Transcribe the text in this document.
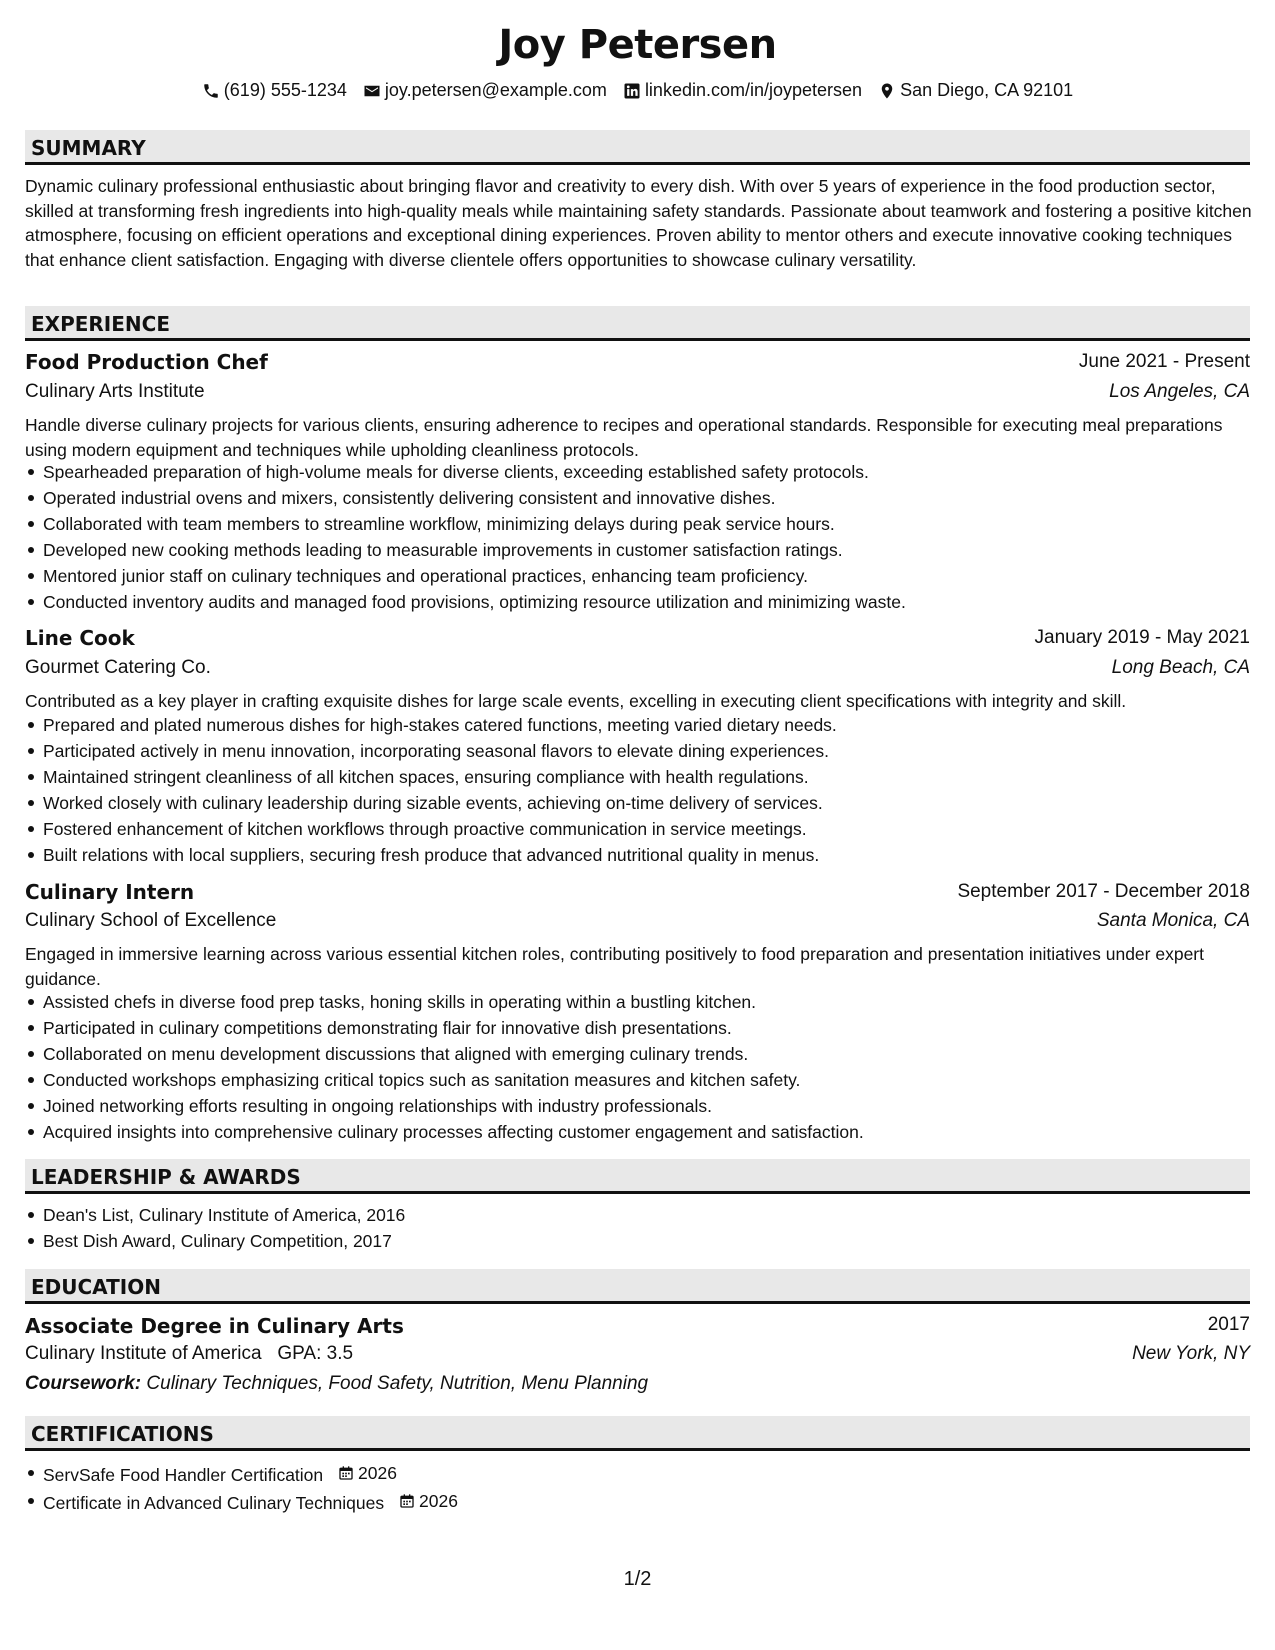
Joy Petersen
(619) 555-1234 joy.petersen@example.com linkedin.com/in/joypetersen San Diego, CA 92101
SUMMARY
Dynamic culinary professional enthusiastic about bringing flavor and creativity to every dish. With over 5 years of experience in the food production sector, skilled at transforming fresh ingredients into high-quality meals while maintaining safety standards. Passionate about teamwork and fostering a positive kitchen atmosphere, focusing on efficient operations and exceptional dining experiences. Proven ability to mentor others and execute innovative cooking techniques that enhance client satisfaction. Engaging with diverse clientele offers opportunities to showcase culinary versatility.
EXPERIENCE
Food Production Chef	June 2021 - Present
Culinary Arts Institute	Los Angeles, CA
Handle diverse culinary projects for various clients, ensuring adherence to recipes and operational standards. Responsible for executing meal preparations using modern equipment and techniques while upholding cleanliness protocols.
Spearheaded preparation of high-volume meals for diverse clients, exceeding established safety protocols.
Operated industrial ovens and mixers, consistently delivering consistent and innovative dishes.
Collaborated with team members to streamline workflow, minimizing delays during peak service hours.
Developed new cooking methods leading to measurable improvements in customer satisfaction ratings.
Mentored junior staff on culinary techniques and operational practices, enhancing team proficiency.
Conducted inventory audits and managed food provisions, optimizing resource utilization and minimizing waste.
Line Cook	January 2019 - May 2021
Gourmet Catering Co.	Long Beach, CA
Contributed as a key player in crafting exquisite dishes for large scale events, excelling in executing client specifications with integrity and skill.
Prepared and plated numerous dishes for high-stakes catered functions, meeting varied dietary needs.
Participated actively in menu innovation, incorporating seasonal flavors to elevate dining experiences.
Maintained stringent cleanliness of all kitchen spaces, ensuring compliance with health regulations.
Worked closely with culinary leadership during sizable events, achieving on-time delivery of services.
Fostered enhancement of kitchen workflows through proactive communication in service meetings.
Built relations with local suppliers, securing fresh produce that advanced nutritional quality in menus.
Culinary Intern	September 2017 - December 2018
Culinary School of Excellence	Santa Monica, CA
Engaged in immersive learning across various essential kitchen roles, contributing positively to food preparation and presentation initiatives under expert guidance.
Assisted chefs in diverse food prep tasks, honing skills in operating within a bustling kitchen.
Participated in culinary competitions demonstrating flair for innovative dish presentations.
Collaborated on menu development discussions that aligned with emerging culinary trends.
Conducted workshops emphasizing critical topics such as sanitation measures and kitchen safety.
Joined networking efforts resulting in ongoing relationships with industry professionals.
Acquired insights into comprehensive culinary processes affecting customer engagement and satisfaction.
LEADERSHIP & AWARDS
Dean's List, Culinary Institute of America, 2016
Best Dish Award, Culinary Competition, 2017
EDUCATION
Associate Degree in Culinary Arts	2017
Culinary Institute of America   GPA: 3.5	New York, NY
Coursework: Culinary Techniques, Food Safety, Nutrition, Menu Planning
CERTIFICATIONS
ServSafe Food Handler Certification 2026
Certificate in Advanced Culinary Techniques 2026
1/2
